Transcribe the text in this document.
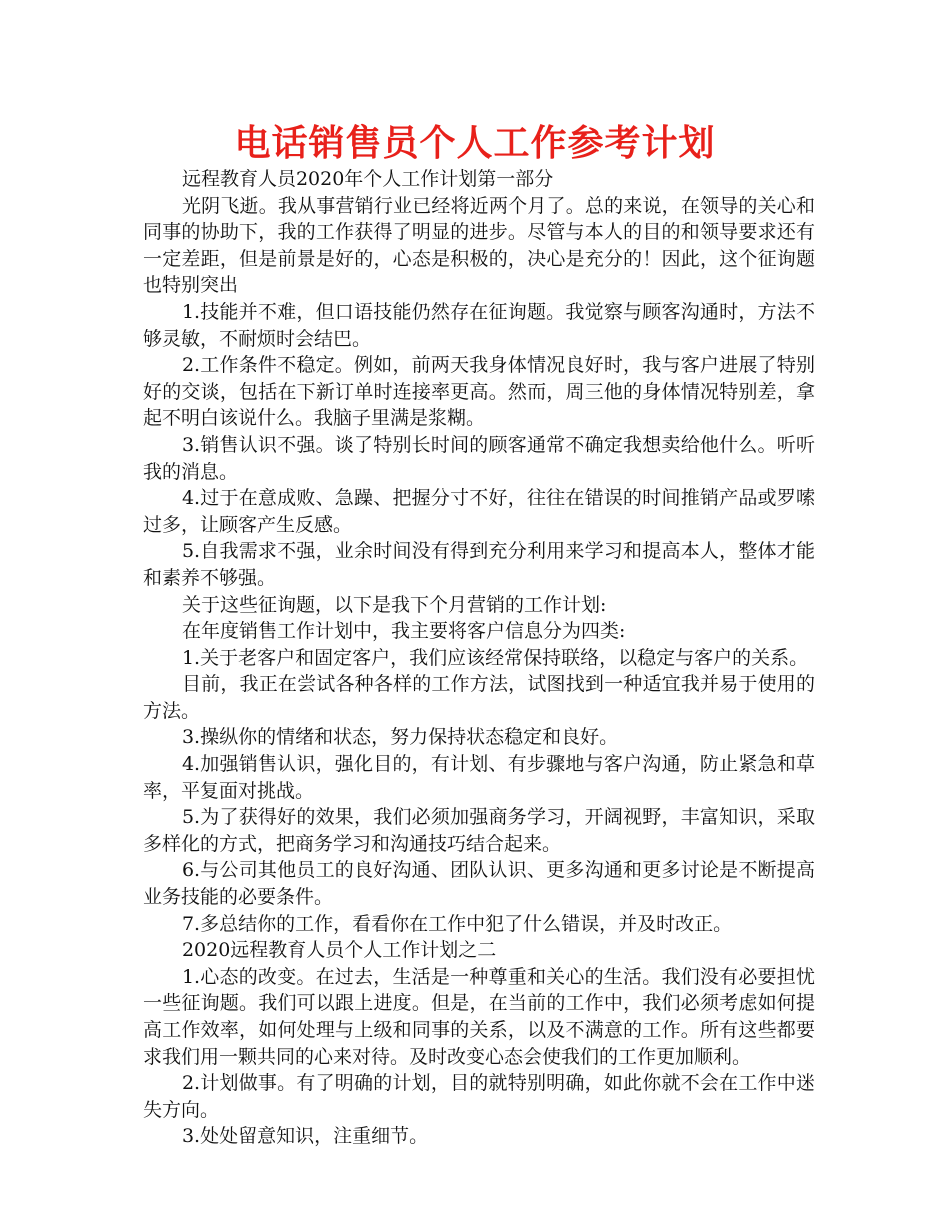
电话销售员个人工作参考计划

远程教育人员2020年个人工作计划第一部分

光阴飞逝。我从事营销行业已经将近两个月了。总的来说，在领导的关心和同事的协助下，我的工作获得了明显的进步。尽管与本人的目的和领导要求还有一定差距，但是前景是好的，心态是积极的，决心是充分的！因此，这个征询题也特别突出

1.技能并不难，但口语技能仍然存在征询题。我觉察与顾客沟通时，方法不够灵敏，不耐烦时会结巴。

2.工作条件不稳定。例如，前两天我身体情况良好时，我与客户进展了特别好的交谈，包括在下新订单时连接率更高。然而，周三他的身体情况特别差，拿起不明白该说什么。我脑子里满是浆糊。

3.销售认识不强。谈了特别长时间的顾客通常不确定我想卖给他什么。听听我的消息。

4.过于在意成败、急躁、把握分寸不好，往往在错误的时间推销产品或罗嗦过多，让顾客产生反感。

5.自我需求不强，业余时间没有得到充分利用来学习和提高本人，整体才能和素养不够强。

关于这些征询题，以下是我下个月营销的工作计划:

在年度销售工作计划中，我主要将客户信息分为四类:

1.关于老客户和固定客户，我们应该经常保持联络，以稳定与客户的关系。

目前，我正在尝试各种各样的工作方法，试图找到一种适宜我并易于使用的方法。

3.操纵你的情绪和状态，努力保持状态稳定和良好。

4.加强销售认识，强化目的，有计划、有步骤地与客户沟通，防止紧急和草率，平复面对挑战。

5.为了获得好的效果，我们必须加强商务学习，开阔视野，丰富知识，采取多样化的方式，把商务学习和沟通技巧结合起来。

6.与公司其他员工的良好沟通、团队认识、更多沟通和更多讨论是不断提高业务技能的必要条件。

7.多总结你的工作，看看你在工作中犯了什么错误，并及时改正。

2020远程教育人员个人工作计划之二

1.心态的改变。在过去，生活是一种尊重和关心的生活。我们没有必要担忧一些征询题。我们可以跟上进度。但是，在当前的工作中，我们必须考虑如何提高工作效率，如何处理与上级和同事的关系，以及不满意的工作。所有这些都要求我们用一颗共同的心来对待。及时改变心态会使我们的工作更加顺利。

2.计划做事。有了明确的计划，目的就特别明确，如此你就不会在工作中迷失方向。

3.处处留意知识，注重细节。
